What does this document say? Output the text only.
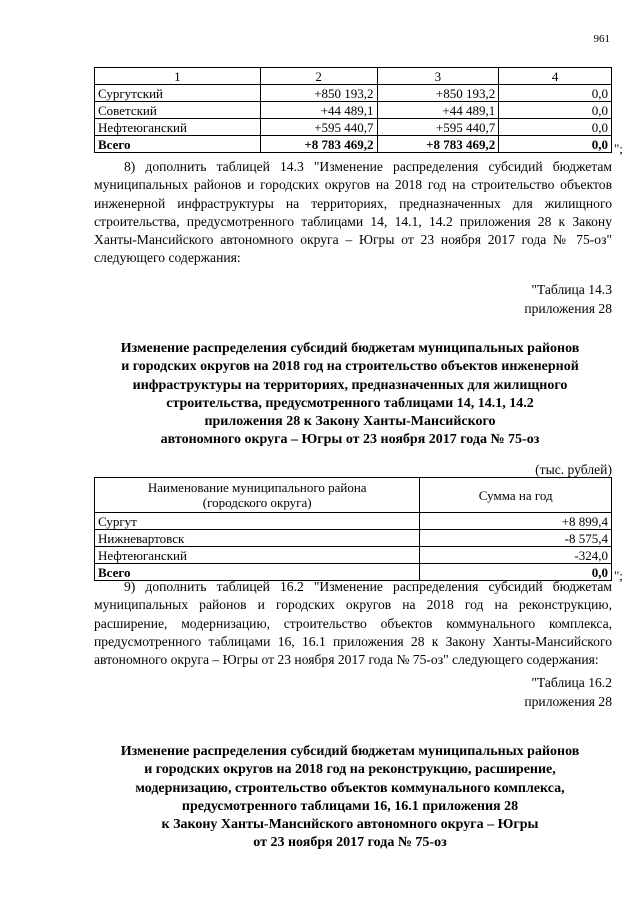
961
1	2	3	4
Сургутский	+850 193,2	+850 193,2	0,0
Советский	+44 489,1	+44 489,1	0,0
Нефтеюганский	+595 440,7	+595 440,7	0,0
Всего	+8 783 469,2	+8 783 469,2	0,0 ";
8) дополнить таблицей 14.3 "Изменение распределения субсидий бюджетам муниципальных районов и городских округов на 2018 год на строительство объектов инженерной инфраструктуры на территориях, предназначенных для жилищного строительства, предусмотренного таблицами 14, 14.1, 14.2 приложения 28 к Закону Ханты-Мансийского автономного округа – Югры от 23 ноября 2017 года № 75-оз" следующего содержания:
"Таблица 14.3
приложения 28
Изменение распределения субсидий бюджетам муниципальных районов
и городских округов на 2018 год на строительство объектов инженерной
инфраструктуры на территориях, предназначенных для жилищного
строительства, предусмотренного таблицами 14, 14.1, 14.2
приложения 28 к Закону Ханты-Мансийского
автономного округа – Югры от 23 ноября 2017 года № 75-оз
(тыс. рублей)
Наименование муниципального района
(городского округа)	Сумма на год
Сургут	+8 899,4
Нижневартовск	-8 575,4
Нефтеюганский	-324,0
Всего	0,0 ";
9) дополнить таблицей 16.2 "Изменение распределения субсидий бюджетам муниципальных районов и городских округов на 2018 год на реконструкцию, расширение, модернизацию, строительство объектов коммунального комплекса, предусмотренного таблицами 16, 16.1 приложения 28 к Закону Ханты-Мансийского автономного округа – Югры от 23 ноября 2017 года № 75-оз" следующего содержания:
"Таблица 16.2
приложения 28
Изменение распределения субсидий бюджетам муниципальных районов
и городских округов на 2018 год на реконструкцию, расширение,
модернизацию, строительство объектов коммунального комплекса,
предусмотренного таблицами 16, 16.1 приложения 28
к Закону Ханты-Мансийского автономного округа – Югры
от 23 ноября 2017 года № 75-оз
